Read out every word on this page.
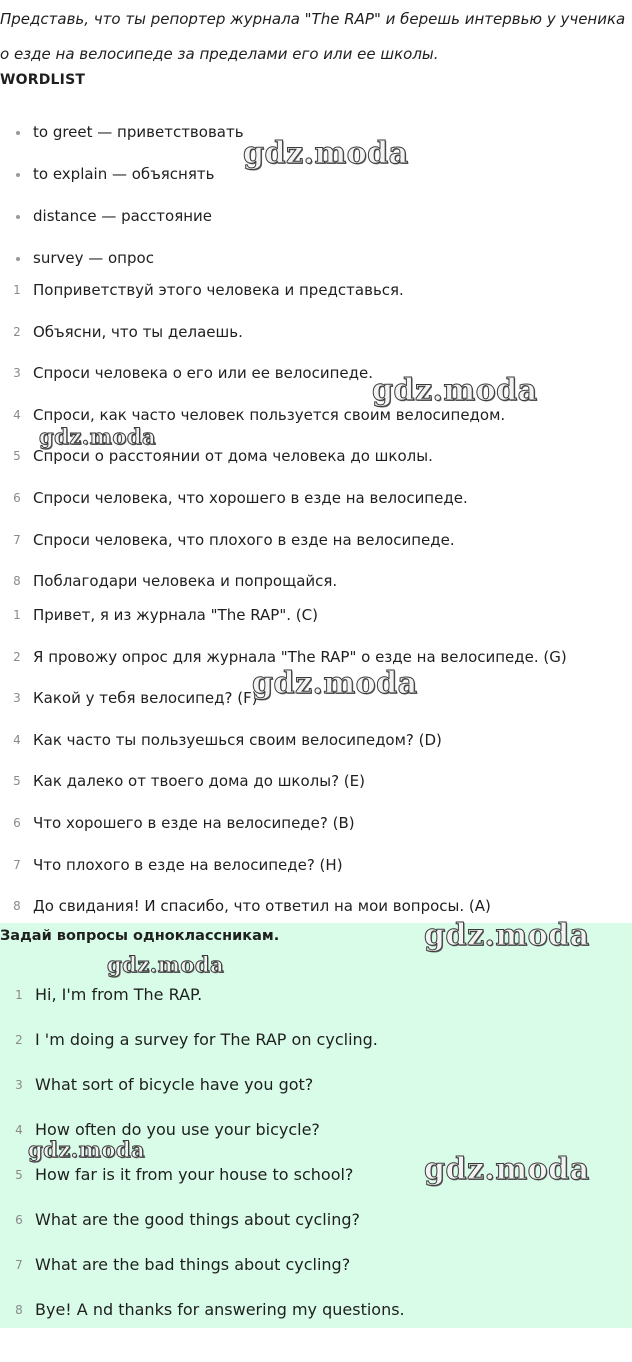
Представь, что ты репортер журнала "The RAP" и берешь интервью у ученика

о езде на велосипеде за пределами его или ее школы.

WORDLIST
to greet — приветствовать
to explain — объяснять
distance — расстояние
survey — опрос
1 Поприветствуй этого человека и представься.
2 Объясни, что ты делаешь.
3 Спроси человека о его или ее велосипеде.
4 Спроси, как часто человек пользуется своим велосипедом.
5 Спроси о расстоянии от дома человека до школы.
6 Спроси человека, что хорошего в езде на велосипеде.
7 Спроси человека, что плохого в езде на велосипеде.
8 Поблагодари человека и попрощайся.
1 Привет, я из журнала "The RAP". (C)
2 Я провожу опрос для журнала "The RAP" о езде на велосипеде. (G)
3 Какой у тебя велосипед? (F)
4 Как часто ты пользуешься своим велосипедом? (D)
5 Как далеко от твоего дома до школы? (E)
6 Что хорошего в езде на велосипеде? (B)
7 Что плохого в езде на велосипеде? (H)
8 До свидания! И спасибо, что ответил на мои вопросы. (A)
Задай вопросы одноклассникам.
1 Hi, I'm from The RAP.
2 I 'm doing a survey for The RAP on cycling.
3 What sort of bicycle have you got?
4 How often do you use your bicycle?
5 How far is it from your house to school?
6 What are the good things about cycling?
7 What are the bad things about cycling?
8 Bye! A nd thanks for answering my questions.
gdz.moda
gdz.moda
gdz.moda
gdz.moda
gdz.moda
gdz.moda
gdz.moda
gdz.moda
